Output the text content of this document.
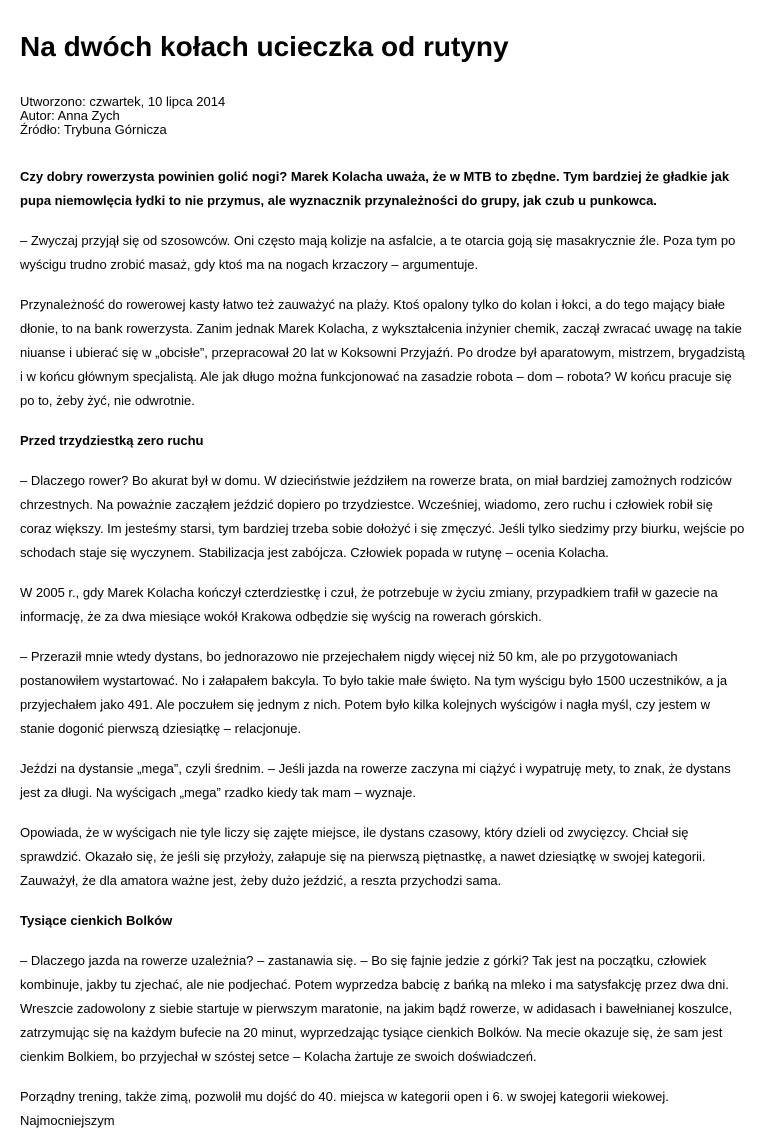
Na dwóch kołach ucieczka od rutyny
Utworzono: czwartek, 10 lipca 2014
Autor: Anna Zych
Źródło: Trybuna Górnicza

Czy dobry rowerzysta powinien golić nogi? Marek Kolacha uważa, że w MTB to zbędne. Tym bardziej że gładkie jak pupa niemowlęcia łydki to nie przymus, ale wyznacznik przynależności do grupy, jak czub u punkowca.

– Zwyczaj przyjął się od szosowców. Oni często mają kolizje na asfalcie, a te otarcia goją się masakrycznie źle. Poza tym po wyścigu trudno zrobić masaż, gdy ktoś ma na nogach krzaczory – argumentuje.

Przynależność do rowerowej kasty łatwo też zauważyć na plaży. Ktoś opalony tylko do kolan i łokci, a do tego mający białe dłonie, to na bank rowerzysta. Zanim jednak Marek Kolacha, z wykształcenia inżynier chemik, zaczął zwracać uwagę na takie niuanse i ubierać się w „obcisłe”, przepracował 20 lat w Koksowni Przyjaźń. Po drodze był aparatowym, mistrzem, brygadzistą i w końcu głównym specjalistą. Ale jak długo można funkcjonować na zasadzie robota – dom – robota? W końcu pracuje się po to, żeby żyć, nie odwrotnie.

Przed trzydziestką zero ruchu

– Dlaczego rower? Bo akurat był w domu. W dzieciństwie jeździłem na rowerze brata, on miał bardziej zamożnych rodziców chrzestnych. Na poważnie zacząłem jeździć dopiero po trzydziestce. Wcześniej, wiadomo, zero ruchu i człowiek robił się coraz większy. Im jesteśmy starsi, tym bardziej trzeba sobie dołożyć i się zmęczyć. Jeśli tylko siedzimy przy biurku, wejście po schodach staje się wyczynem. Stabilizacja jest zabójcza. Człowiek popada w rutynę – ocenia Kolacha.

W 2005 r., gdy Marek Kolacha kończył czterdziestkę i czuł, że potrzebuje w życiu zmiany, przypadkiem trafił w gazecie na informację, że za dwa miesiące wokół Krakowa odbędzie się wyścig na rowerach górskich.

– Przeraził mnie wtedy dystans, bo jednorazowo nie przejechałem nigdy więcej niż 50 km, ale po przygotowaniach postanowiłem wystartować. No i załapałem bakcyla. To było takie małe święto. Na tym wyścigu było 1500 uczestników, a ja przyjechałem jako 491. Ale poczułem się jednym z nich. Potem było kilka kolejnych wyścigów i nagła myśl, czy jestem w stanie dogonić pierwszą dziesiątkę – relacjonuje.

Jeździ na dystansie „mega”, czyli średnim. – Jeśli jazda na rowerze zaczyna mi ciążyć i wypatruję mety, to znak, że dystans jest za długi. Na wyścigach „mega” rzadko kiedy tak mam – wyznaje.

Opowiada, że w wyścigach nie tyle liczy się zajęte miejsce, ile dystans czasowy, który dzieli od zwycięzcy. Chciał się sprawdzić. Okazało się, że jeśli się przyłoży, załapuje się na pierwszą piętnastkę, a nawet dziesiątkę w swojej kategorii. Zauważył, że dla amatora ważne jest, żeby dużo jeździć, a reszta przychodzi sama.

Tysiące cienkich Bolków

– Dlaczego jazda na rowerze uzależnia? – zastanawia się. – Bo się fajnie jedzie z górki? Tak jest na początku, człowiek kombinuje, jakby tu zjechać, ale nie podjechać. Potem wyprzedza babcię z bańką na mleko i ma satysfakcję przez dwa dni. Wreszcie zadowolony z siebie startuje w pierwszym maratonie, na jakim bądź rowerze, w adidasach i bawełnianej koszulce, zatrzymując się na każdym bufecie na 20 minut, wyprzedzając tysiące cienkich Bolków. Na mecie okazuje się, że sam jest cienkim Bolkiem, bo przyjechał w szóstej setce – Kolacha żartuje ze swoich doświadczeń.

Porządny trening, także zimą, pozwolił mu dojść do 40. miejsca w kategorii open i 6. w swojej kategorii wiekowej. Najmocniejszym
